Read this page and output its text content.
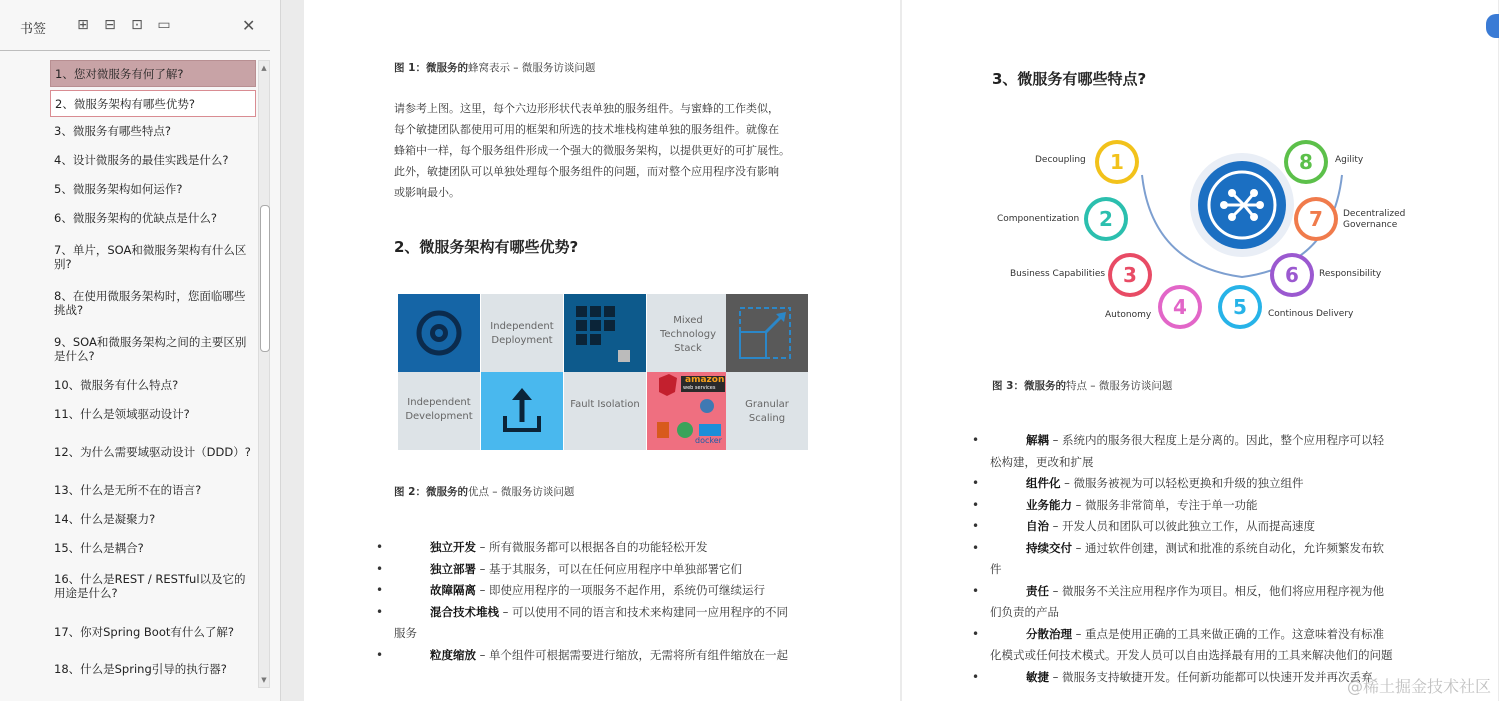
书签 ⊞ ⊟ ⊡ ▭	✕
1、您对微服务有何了解?
2、微服务架构有哪些优势?
3、微服务有哪些特点?
4、设计微服务的最佳实践是什么?
5、微服务架构如何运作?
6、微服务架构的优缺点是什么?
7、单片，SOA和微服务架构有什么区别?
8、在使用微服务架构时，您面临哪些挑战?
9、SOA和微服务架构之间的主要区别是什么?
10、微服务有什么特点?
11、什么是领域驱动设计?
12、为什么需要域驱动设计（DDD）?
13、什么是无所不在的语言?
14、什么是凝聚力?
15、什么是耦合?
16、什么是REST / RESTful以及它的用途是什么?
17、你对Spring Boot有什么了解?
18、什么是Spring引导的执行器?
▲
▼
图 1：微服务的蜂窝表示 – 微服务访谈问题
请参考上图。这里，每个六边形形状代表单独的服务组件。与蜜蜂的工作类似，
每个敏捷团队都使用可用的框架和所选的技术堆栈构建单独的服务组件。就像在
蜂箱中一样，每个服务组件形成一个强大的微服务架构，以提供更好的可扩展性。
此外，敏捷团队可以单独处理每个服务组件的问题，而对整个应用程序没有影响
或影响最小。
2、微服务架构有哪些优势?
Independent Deployment
Mixed Technology Stack
Independent Development
Fault Isolation
amazon
web services
docker
Granular Scaling
图 2：微服务的优点 – 微服务访谈问题
•	独立开发 – 所有微服务都可以根据各自的功能轻松开发
•	独立部署 – 基于其服务，可以在任何应用程序中单独部署它们
•	故障隔离 – 即使应用程序的一项服务不起作用，系统仍可继续运行
•	混合技术堆栈 – 可以使用不同的语言和技术来构建同一应用程序的不同
服务
•	粒度缩放 – 单个组件可根据需要进行缩放，无需将所有组件缩放在一起
3、微服务有哪些特点?
1
2
3
4	5
6
7
8
Decoupling
Componentization
Business Capabilities
Autonomy	Continous Delivery
Responsibility
Decentralized Governance
Agility
图 3：微服务的特点 – 微服务访谈问题
•	解耦 – 系统内的服务很大程度上是分离的。因此，整个应用程序可以轻
松构建，更改和扩展
•	组件化 – 微服务被视为可以轻松更换和升级的独立组件
•	业务能力 – 微服务非常简单，专注于单一功能
•	自治 – 开发人员和团队可以彼此独立工作，从而提高速度
•	持续交付 – 通过软件创建，测试和批准的系统自动化，允许频繁发布软
件
•	责任 – 微服务不关注应用程序作为项目。相反，他们将应用程序视为他
们负责的产品
•	分散治理 – 重点是使用正确的工具来做正确的工作。这意味着没有标准
化模式或任何技术模式。开发人员可以自由选择最有用的工具来解决他们的问题
•	敏捷 – 微服务支持敏捷开发。任何新功能都可以快速开发并再次丢弃
@稀土掘金技术社区
